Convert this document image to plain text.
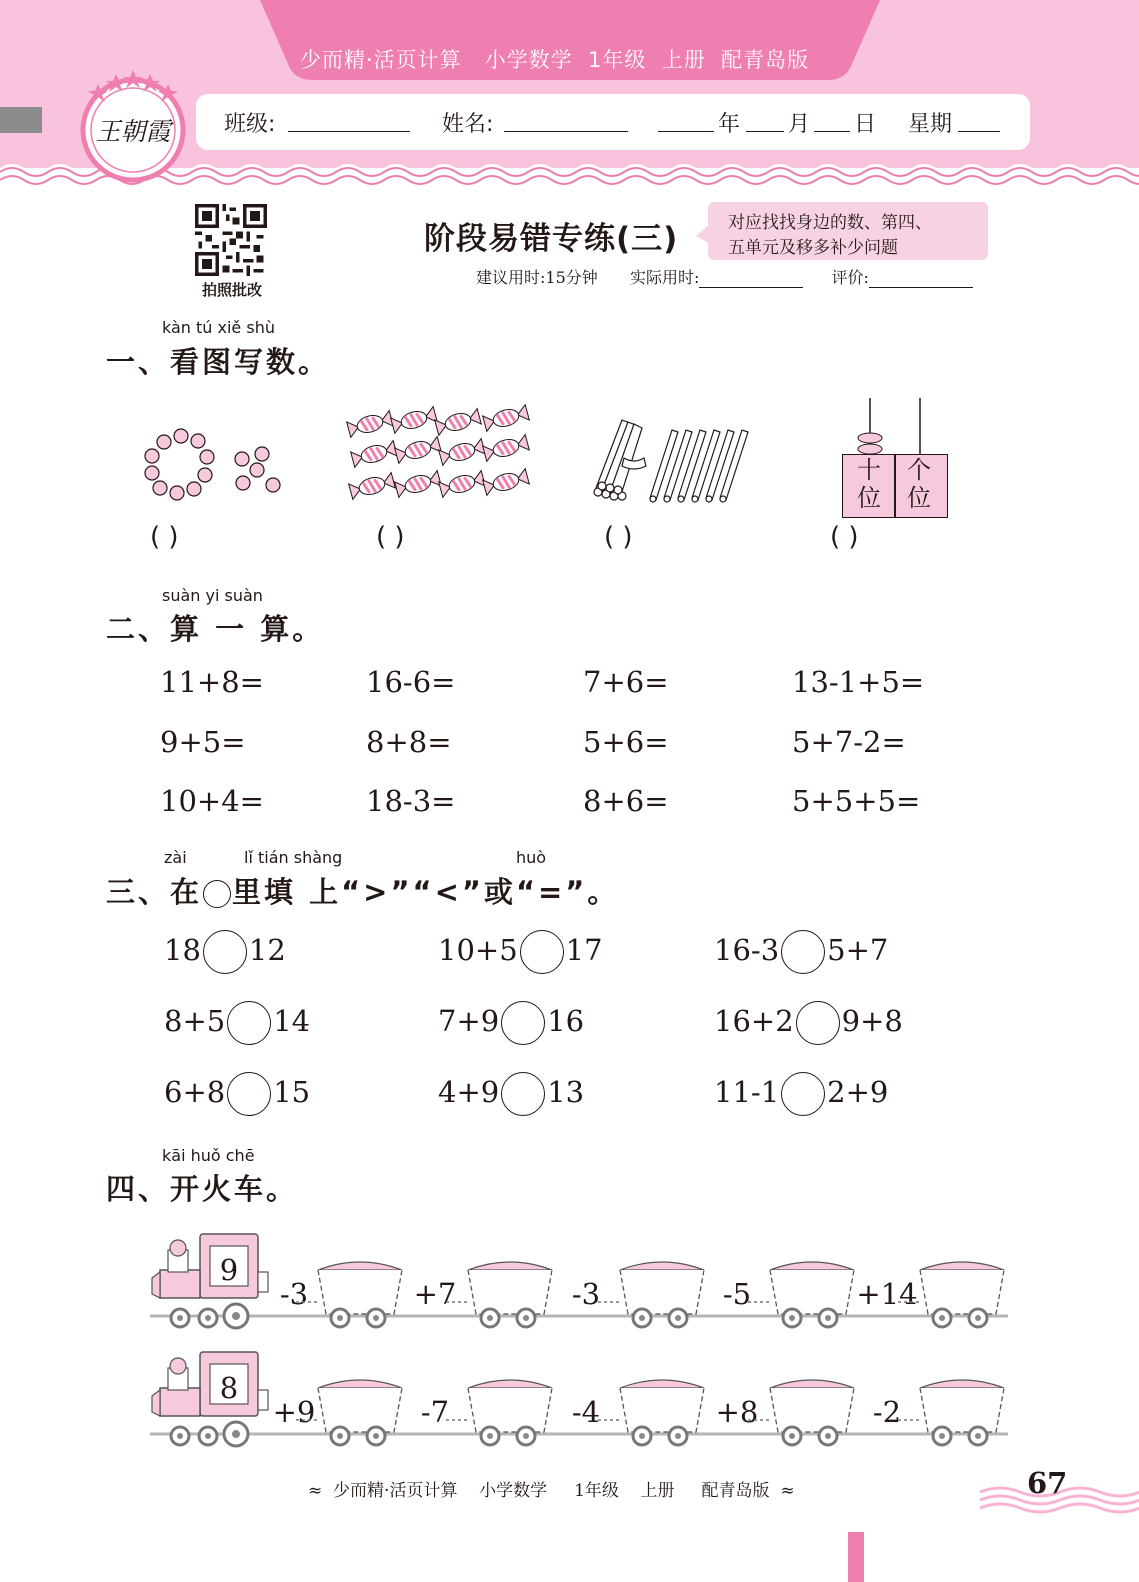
少而精·活页计算   小学数学  1年级  上册  配青岛版
王朝霞 班级:	姓名:	年 月 日 星期
拍照批改
阶段易错专练(三)	对应找找身边的数、第四、
五单元及移多补少问题
建议用时:15分钟 实际用时:	评价:
kàn tú xiě shù
一、看图写数。
十
位
个
位
( )	( )	( )	( )
suàn yi suàn
二、算 一 算。
11+8=	16-6=	7+6=	13-1+5=
9+5=	8+8=	5+6=	5+7-2=
10+4=	18-3=	8+6=	5+5+5=
zài	lǐ tián shàng	huò
三、在 里填 上“>”“<”或“=”。
18 12	10+5 17	16-3 5+7
8+5 14	7+9 16	16+2 9+8
6+8 15	4+9 13	11-1 2+9
kāi huǒ chē
四、开火车。
9
-3	+7	-3	-5	+14
8
+9	-7	-4	+8	-2
≈  少而精·活页计算    小学数学     1年级    上册     配青岛版  ≈	67
